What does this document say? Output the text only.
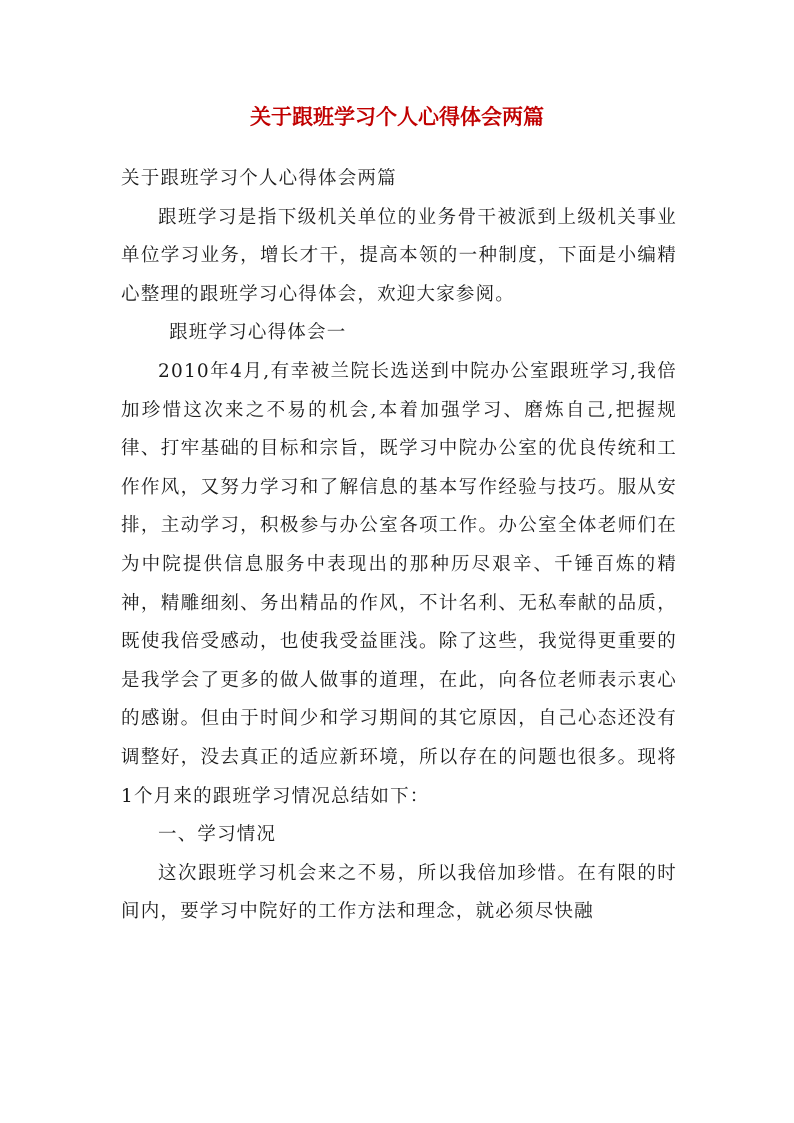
关于跟班学习个人心得体会两篇

关于跟班学习个人心得体会两篇

跟班学习是指下级机关单位的业务骨干被派到上级机关事业单位学习业务，增长才干，提高本领的一种制度，下面是小编精心整理的跟班学习心得体会，欢迎大家参阅。

跟班学习心得体会一

2010年4月,有幸被兰院长选送到中院办公室跟班学习,我倍加珍惜这次来之不易的机会,本着加强学习、磨炼自己,把握规律、打牢基础的目标和宗旨，既学习中院办公室的优良传统和工作作风，又努力学习和了解信息的基本写作经验与技巧。服从安排，主动学习，积极参与办公室各项工作。办公室全体老师们在为中院提供信息服务中表现出的那种历尽艰辛、千锤百炼的精神，精雕细刻、务出精品的作风，不计名利、无私奉献的品质，既使我倍受感动，也使我受益匪浅。除了这些，我觉得更重要的是我学会了更多的做人做事的道理，在此，向各位老师表示衷心的感谢。但由于时间少和学习期间的其它原因，自己心态还没有调整好，没去真正的适应新环境，所以存在的问题也很多。现将1个月来的跟班学习情况总结如下：

一、学习情况

这次跟班学习机会来之不易，所以我倍加珍惜。在有限的时间内，要学习中院好的工作方法和理念，就必须尽快融
